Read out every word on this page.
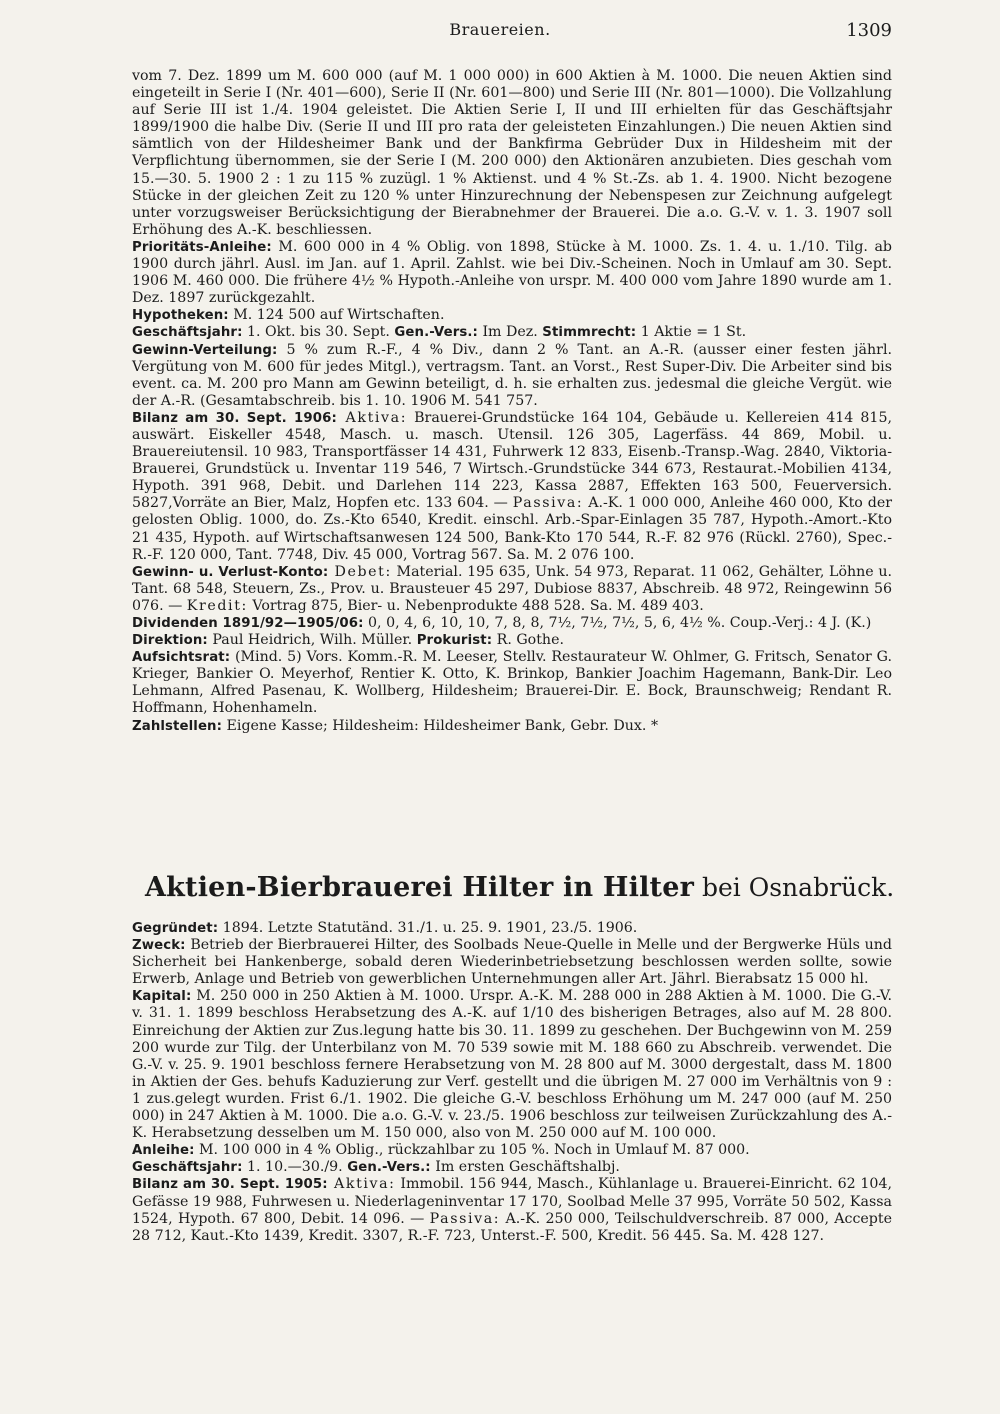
Brauereien.	1309

vom 7. Dez. 1899 um M. 600 000 (auf M. 1 000 000) in 600 Aktien à M. 1000. Die neuen Aktien sind eingeteilt in Serie I (Nr. 401—600), Serie II (Nr. 601—800) und Serie III (Nr. 801—1000). Die Vollzahlung auf Serie III ist 1./4. 1904 geleistet. Die Aktien Serie I, II und III erhielten für das Geschäftsjahr 1899/1900 die halbe Div. (Serie II und III pro rata der geleisteten Einzahlungen.) Die neuen Aktien sind sämtlich von der Hildesheimer Bank und der Bankfirma Gebrüder Dux in Hildesheim mit der Verpflichtung übernommen, sie der Serie I (M. 200 000) den Aktionären anzubieten. Dies geschah vom 15.—30. 5. 1900 2 : 1 zu 115 % zuzügl. 1 % Aktienst. und 4 % St.-Zs. ab 1. 4. 1900. Nicht bezogene Stücke in der gleichen Zeit zu 120 % unter Hinzurechnung der Nebenspesen zur Zeichnung aufgelegt unter vorzugsweiser Berücksichtigung der Bierabnehmer der Brauerei. Die a.o. G.-V. v. 1. 3. 1907 soll Erhöhung des A.-K. beschliessen.

Prioritäts-Anleihe: M. 600 000 in 4 % Oblig. von 1898, Stücke à M. 1000. Zs. 1. 4. u. 1./10. Tilg. ab 1900 durch jährl. Ausl. im Jan. auf 1. April. Zahlst. wie bei Div.-Scheinen. Noch in Umlauf am 30. Sept. 1906 M. 460 000. Die frühere 4½ % Hypoth.-Anleihe von urspr. M. 400 000 vom Jahre 1890 wurde am 1. Dez. 1897 zurückgezahlt.

Hypotheken: M. 124 500 auf Wirtschaften.

Geschäftsjahr: 1. Okt. bis 30. Sept. Gen.-Vers.: Im Dez. Stimmrecht: 1 Aktie = 1 St.

Gewinn-Verteilung: 5 % zum R.-F., 4 % Div., dann 2 % Tant. an A.-R. (ausser einer festen jährl. Vergütung von M. 600 für jedes Mitgl.), vertragsm. Tant. an Vorst., Rest Super-Div. Die Arbeiter sind bis event. ca. M. 200 pro Mann am Gewinn beteiligt, d. h. sie erhalten zus. jedesmal die gleiche Vergüt. wie der A.-R. (Gesamtabschreib. bis 1. 10. 1906 M. 541 757.

Bilanz am 30. Sept. 1906: Aktiva: Brauerei-Grundstücke 164 104, Gebäude u. Kellereien 414 815, auswärt. Eiskeller 4548, Masch. u. masch. Utensil. 126 305, Lagerfäss. 44 869, Mobil. u. Brauereiutensil. 10 983, Transportfässer 14 431, Fuhrwerk 12 833, Eisenb.-Transp.-Wag. 2840, Viktoria-Brauerei, Grundstück u. Inventar 119 546, 7 Wirtsch.-Grundstücke 344 673, Restaurat.-Mobilien 4134, Hypoth. 391 968, Debit. und Darlehen 114 223, Kassa 2887, Effekten 163 500, Feuerversich. 5827,Vorräte an Bier, Malz, Hopfen etc. 133 604. — Passiva: A.-K. 1 000 000, Anleihe 460 000, Kto der gelosten Oblig. 1000, do. Zs.-Kto 6540, Kredit. einschl. Arb.-Spar-Einlagen 35 787, Hypoth.-Amort.-Kto 21 435, Hypoth. auf Wirtschaftsanwesen 124 500, Bank-Kto 170 544, R.-F. 82 976 (Rückl. 2760), Spec.-R.-F. 120 000, Tant. 7748, Div. 45 000, Vortrag 567. Sa. M. 2 076 100.

Gewinn- u. Verlust-Konto: Debet: Material. 195 635, Unk. 54 973, Reparat. 11 062, Gehälter, Löhne u. Tant. 68 548, Steuern, Zs., Prov. u. Brausteuer 45 297, Dubiose 8837, Abschreib. 48 972, Reingewinn 56 076. — Kredit: Vortrag 875, Bier- u. Nebenprodukte 488 528. Sa. M. 489 403.

Dividenden 1891/92—1905/06: 0, 0, 4, 6, 10, 10, 7, 8, 8, 7½, 7½, 7½, 5, 6, 4½ %. Coup.-Verj.: 4 J. (K.)

Direktion: Paul Heidrich, Wilh. Müller. Prokurist: R. Gothe.

Aufsichtsrat: (Mind. 5) Vors. Komm.-R. M. Leeser, Stellv. Restaurateur W. Ohlmer, G. Fritsch, Senator G. Krieger, Bankier O. Meyerhof, Rentier K. Otto, K. Brinkop, Bankier Joachim Hagemann, Bank-Dir. Leo Lehmann, Alfred Pasenau, K. Wollberg, Hildesheim; Brauerei-Dir. E. Bock, Braunschweig; Rendant R. Hoffmann, Hohenhameln.

Zahlstellen: Eigene Kasse; Hildesheim: Hildesheimer Bank, Gebr. Dux. *

Aktien-Bierbrauerei Hilter in Hilter bei Osnabrück.

Gegründet: 1894. Letzte Statutänd. 31./1. u. 25. 9. 1901, 23./5. 1906.

Zweck: Betrieb der Bierbrauerei Hilter, des Soolbads Neue-Quelle in Melle und der Bergwerke Hüls und Sicherheit bei Hankenberge, sobald deren Wiederinbetriebsetzung beschlossen werden sollte, sowie Erwerb, Anlage und Betrieb von gewerblichen Unternehmungen aller Art. Jährl. Bierabsatz 15 000 hl.

Kapital: M. 250 000 in 250 Aktien à M. 1000. Urspr. A.-K. M. 288 000 in 288 Aktien à M. 1000. Die G.-V. v. 31. 1. 1899 beschloss Herabsetzung des A.-K. auf 1/10 des bisherigen Betrages, also auf M. 28 800. Einreichung der Aktien zur Zus.legung hatte bis 30. 11. 1899 zu geschehen. Der Buchgewinn von M. 259 200 wurde zur Tilg. der Unterbilanz von M. 70 539 sowie mit M. 188 660 zu Abschreib. verwendet. Die G.-V. v. 25. 9. 1901 beschloss fernere Herabsetzung von M. 28 800 auf M. 3000 dergestalt, dass M. 1800 in Aktien der Ges. behufs Kaduzierung zur Verf. gestellt und die übrigen M. 27 000 im Verhältnis von 9 : 1 zus.gelegt wurden. Frist 6./1. 1902. Die gleiche G.-V. beschloss Erhöhung um M. 247 000 (auf M. 250 000) in 247 Aktien à M. 1000. Die a.o. G.-V. v. 23./5. 1906 beschloss zur teilweisen Zurückzahlung des A.-K. Herabsetzung desselben um M. 150 000, also von M. 250 000 auf M. 100 000.

Anleihe: M. 100 000 in 4 % Oblig., rückzahlbar zu 105 %. Noch in Umlauf M. 87 000.

Geschäftsjahr: 1. 10.—30./9. Gen.-Vers.: Im ersten Geschäftshalbj.

Bilanz am 30. Sept. 1905: Aktiva: Immobil. 156 944, Masch., Kühlanlage u. Brauerei-Einricht. 62 104, Gefässe 19 988, Fuhrwesen u. Niederlageninventar 17 170, Soolbad Melle 37 995, Vorräte 50 502, Kassa 1524, Hypoth. 67 800, Debit. 14 096. — Passiva: A.-K. 250 000, Teilschuldverschreib. 87 000, Accepte 28 712, Kaut.-Kto 1439, Kredit. 3307, R.-F. 723, Unterst.-F. 500, Kredit. 56 445. Sa. M. 428 127.
